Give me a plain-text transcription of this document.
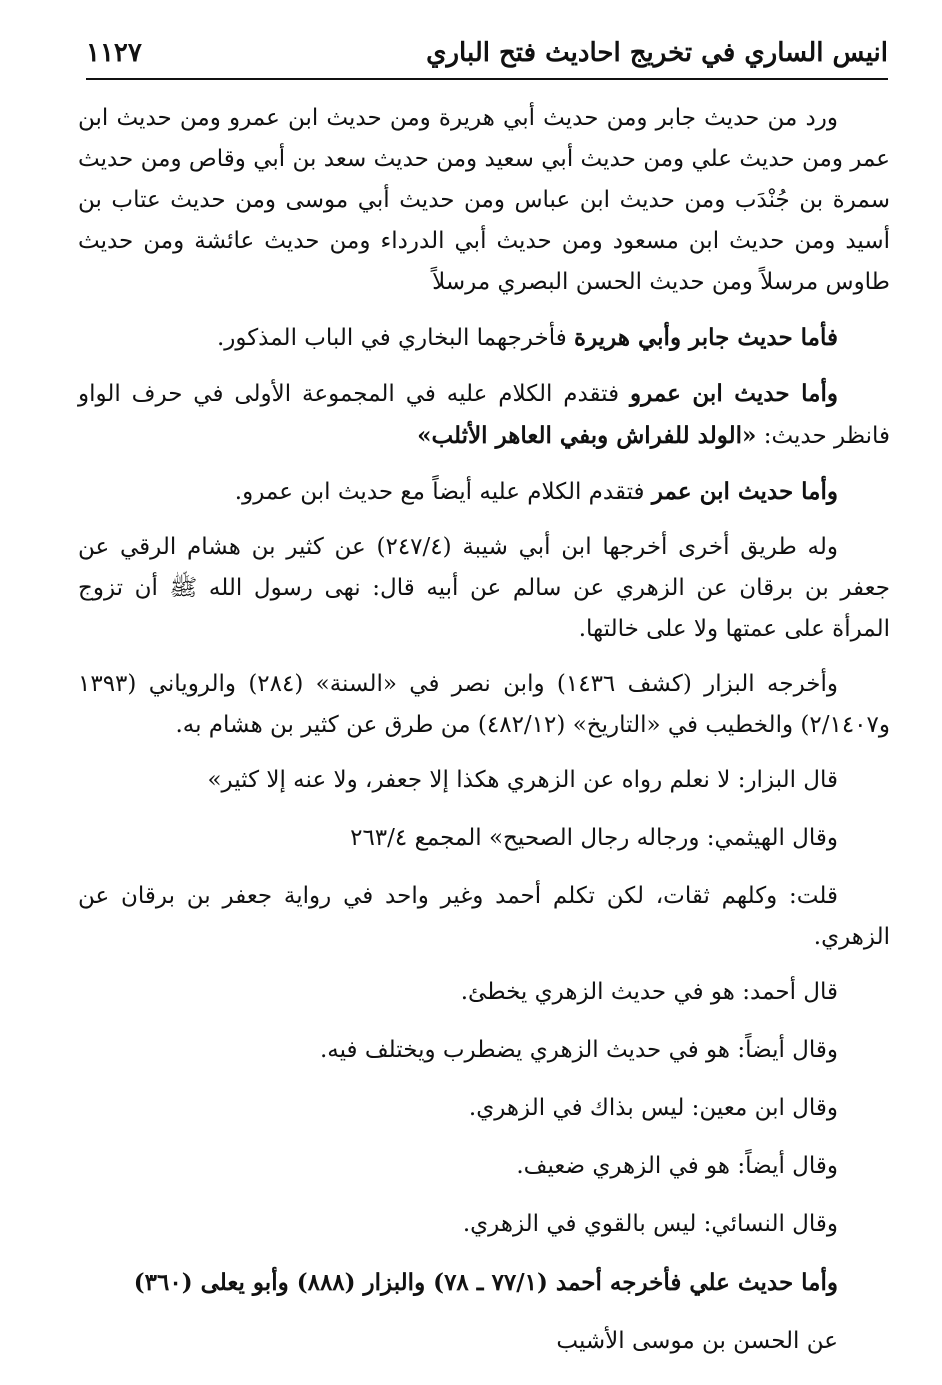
انيس الساري في تخريج احاديث فتح الباري
١١٢٧

ورد من حديث جابر ومن حديث أبي هريرة ومن حديث ابن عمرو ومن حديث ابن عمر ومن حديث علي ومن حديث أبي سعيد ومن حديث سعد بن أبي وقاص ومن حديث سمرة بن جُنْدَب ومن حديث ابن عباس ومن حديث أبي موسى ومن حديث عتاب بن أسيد ومن حديث ابن مسعود ومن حديث أبي الدرداء ومن حديث عائشة ومن حديث طاوس مرسلاً ومن حديث الحسن البصري مرسلاً

فأما حديث جابر وأبي هريرة فأخرجهما البخاري في الباب المذكور.

وأما حديث ابن عمرو فتقدم الكلام عليه في المجموعة الأولى في حرف الواو فانظر حديث: «الولد للفراش وبفي العاهر الأثلب»

وأما حديث ابن عمر فتقدم الكلام عليه أيضاً مع حديث ابن عمرو.

وله طريق أخرى أخرجها ابن أبي شيبة (٢٤٧/٤) عن كثير بن هشام الرقي عن جعفر بن برقان عن الزهري عن سالم عن أبيه قال: نهى رسول الله ﷺ أن تزوج المرأة على عمتها ولا على خالتها.

وأخرجه البزار (كشف ١٤٣٦) وابن نصر في «السنة» (٢٨٤) والروياني (١٣٩٣ و٢/١٤٠٧) والخطيب في «التاريخ» (٤٨٢/١٢) من طرق عن كثير بن هشام به.

قال البزار: لا نعلم رواه عن الزهري هكذا إلا جعفر، ولا عنه إلا كثير»

وقال الهيثمي: ورجاله رجال الصحيح» المجمع ٢٦٣/٤

قلت: وكلهم ثقات، لكن تكلم أحمد وغير واحد في رواية جعفر بن برقان عن الزهري.

قال أحمد: هو في حديث الزهري يخطئ.

وقال أيضاً: هو في حديث الزهري يضطرب ويختلف فيه.

وقال ابن معين: ليس بذاك في الزهري.

وقال أيضاً: هو في الزهري ضعيف.

وقال النسائي: ليس بالقوي في الزهري.

وأما حديث علي فأخرجه أحمد (٧٧/١ ـ ٧٨) والبزار (٨٨٨) وأبو يعلى (٣٦٠)

عن الحسن بن موسى الأشيب
